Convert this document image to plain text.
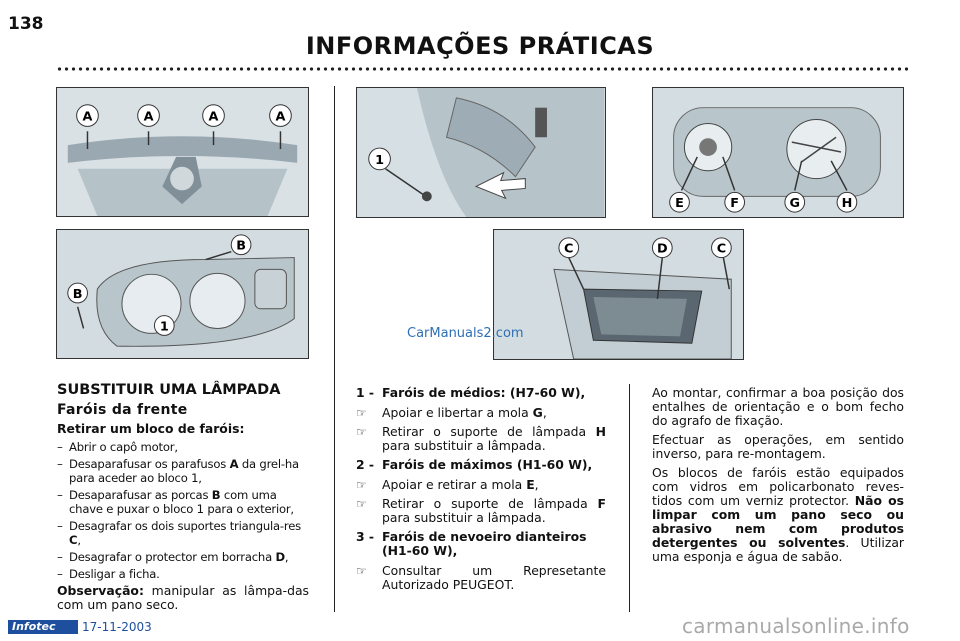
138
INFORMAÇÕES PRÁTICAS
A	A	A	A
B
B
1
1
E	F	G	H
C	D	C
SUBSTITUIR UMA LÂMPADA
Faróis da frente
Retirar um bloco de faróis:
– Abrir o capô motor,
– Desaparafusar os parafusos A da grel-ha para aceder ao bloco 1,
– Desaparafusar as porcas B com uma chave e puxar o bloco 1 para o exterior,
– Desagrafar os dois suportes triangula-res C,
– Desagrafar o protector em borracha D,
– Desligar a ficha.
Observação: manipular as lâmpa-das com um pano seco.
1 - Faróis de médios: (H7-60 W),
☞ Apoiar e libertar a mola G,
☞ Retirar o suporte de lâmpada H para substituir a lâmpada.
2 - Faróis de máximos (H1-60 W),
☞ Apoiar e retirar a mola E,
☞ Retirar o suporte de lâmpada F para substituir a lâmpada.
3 - Faróis de nevoeiro dianteiros (H1-60 W),
☞ Consultar um Represetante Autorizado PEUGEOT.
Ao montar, confirmar a boa posição dos entalhes de orientação e o bom fecho do agrafo de fixação.
Efectuar as operações, em sentido inverso, para re-montagem.
Os blocos de faróis estão equipados com vidros em policarbonato reves-tidos com um verniz protector. Não os limpar com um pano seco ou abrasivo nem com produtos detergentes ou solventes. Utilizar uma esponja e água de sabão.
CarManuals2.com
Infotec	17-11-2003	carmanualsonline.info
